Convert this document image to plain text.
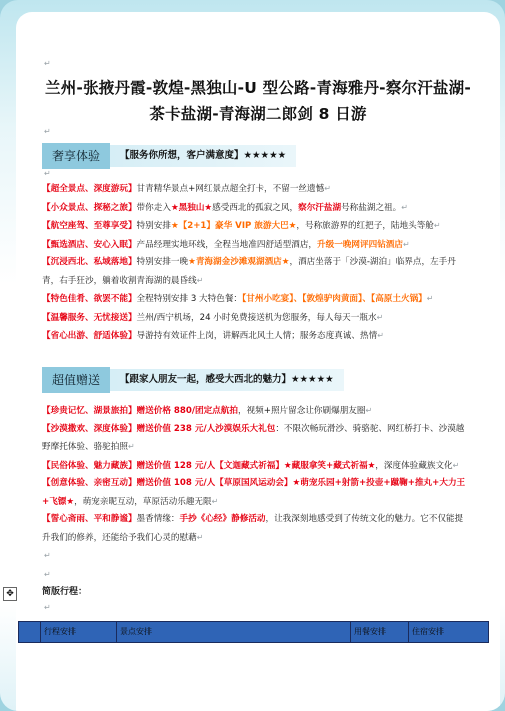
↵
兰州-张掖丹霞-敦煌-黑独山-U 型公路-青海雅丹-察尔汗盐湖-
茶卡盐湖-青海湖二郎剑 8 日游
↵
奢享体验	【服务你所想，客户满意度】★★★★★
↵
【超全景点、深度游玩】甘青精华景点+网红景点超全打卡，不留一丝遗憾↵
【小众景点、探秘之旅】带你走入★黑独山★感受西北的孤寂之风，察尔汗盐湖号称盐湖之祖。↵
【航空座驾、至尊享受】特别安排★【2+1】豪华 VIP 旅游大巴★，号称旅游界的红把子，陆地头等舱↵
【甄选酒店、安心入眠】产品经理实地环线，全程当地准四舒适型酒店，升级一晚网评四钻酒店↵
【沉浸西北、私域落地】特别安排一晚★青海湖金沙滩观湖酒店★，酒店坐落于「沙漠-湖泊」临界点，左手丹青，右手狂沙，躺着收割青海湖的晨昏线↵
【特色佳肴、欲罢不能】全程特别安排 3 大特色餐：【甘州小吃宴】、【敦煌驴肉黄面】、【高原土火锅】↵
【温馨服务、无忧接送】兰州/西宁机场，24 小时免费接送机为您服务，每人每天一瓶水↵
【省心出游、舒适体验】导游持有效证件上岗，讲解西北风土人情；服务态度真诚、热情↵
超值赠送	【跟家人朋友一起，感受大西北的魅力】★★★★★
【珍贵记忆、湖景旅拍】赠送价格 880/团定点航拍，视频+照片留念让你刷爆朋友圈↵
【沙漠撒欢、深度体验】赠送价值 238 元/人沙漠娱乐大礼包：不限次畅玩滑沙、骑骆驼、网红桥打卡、沙漠越野摩托体验、骆驼拍照↵
【民俗体验、魅力藏族】赠送价值 128 元/人【文迦藏式祈福】★藏服拿笑+藏式祈福★，深度体验藏族文化↵
【创意体验、亲密互动】赠送价值 108 元/人【草原国风运动会】★萌宠乐园+射箭+投壶+蹴鞠+推丸+大力王+飞镖★，萌宠亲昵互动，草原活动乐趣无限↵
【誓心斋雨、平和静谧】墨香情缘：手抄《心经》静修活动，让我深刻地感受到了传统文化的魅力。它不仅能提升我们的修养，还能给予我们心灵的慰藉↵
↵
↵
✥	简版行程：
↵
行程安排	景点安排	用餐安排	住宿安排
